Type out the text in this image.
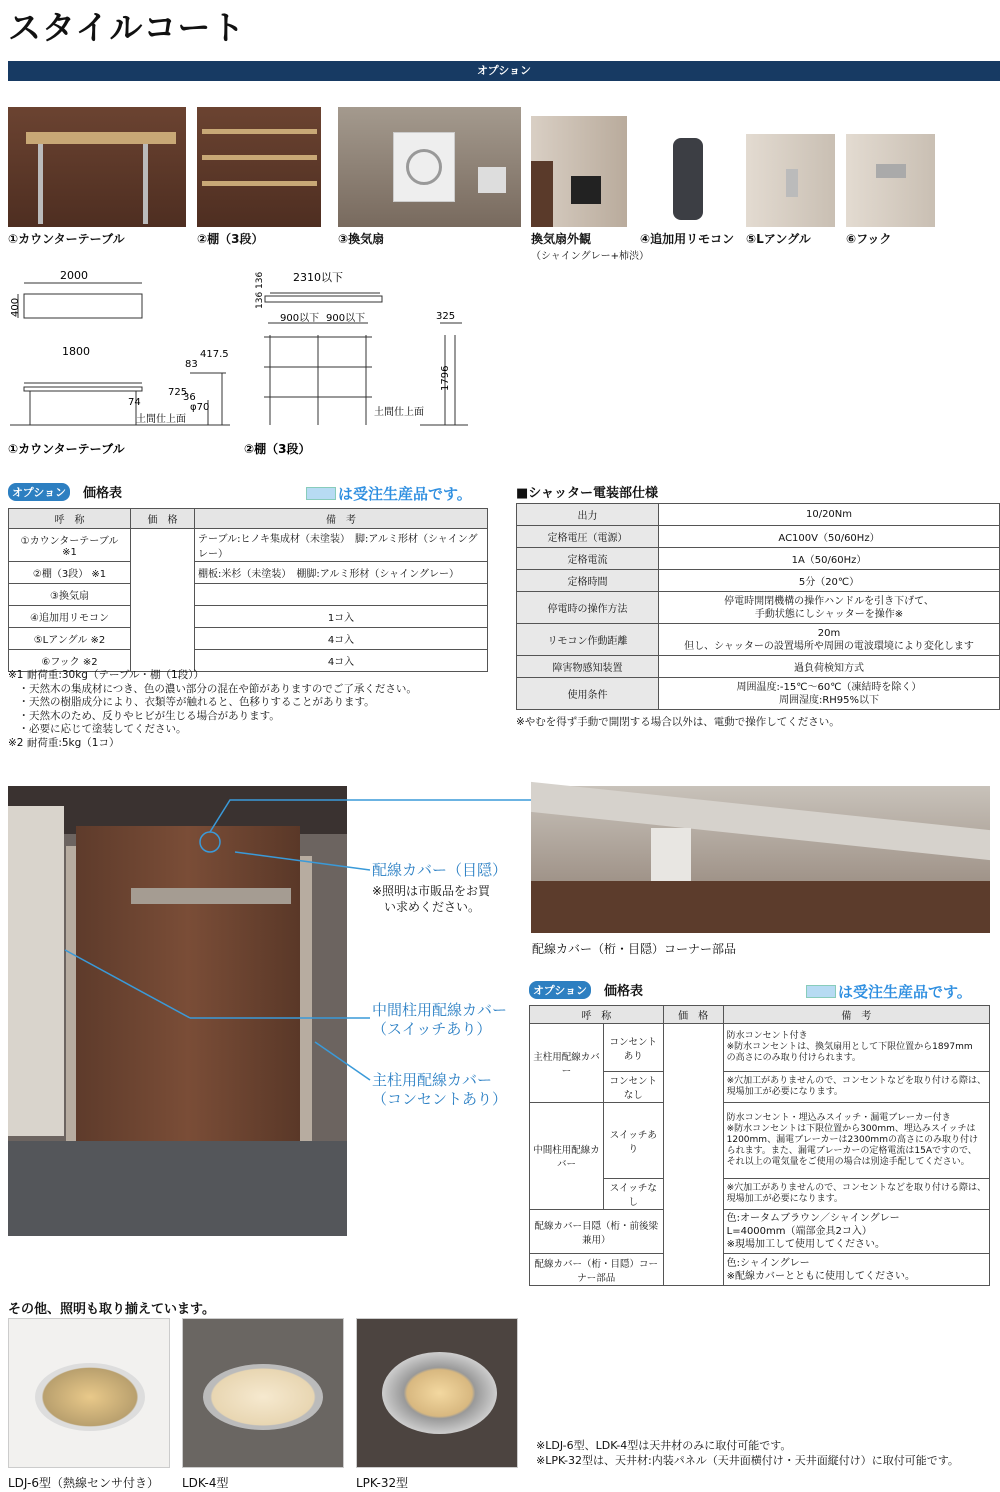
スタイルコート
オプション
①カウンターテーブル	②棚（3段）	③換気扇	換気扇外観
（シャイングレー+柿渋）
④追加用リモコン ⑤Lアングル	⑥フック
2000
400
1800
83
417.5
74
725
36
φ70
土間仕上面
①カウンターテーブル
2310以下
136 136
900以下 900以下	325
1796
土間仕上面
②棚（3段）
オプション	価格表	は受注生産品です。
呼　称	価　格	備　考
①カウンターテーブル ※1		テーブル:ヒノキ集成材（未塗装）　脚:アルミ形材（シャイングレー）
②棚（3段） ※1		棚板:米杉（未塗装）　棚脚:アルミ形材（シャイングレー）
③換気扇		
④追加用リモコン		1コ入
⑤Lアングル ※2		4コ入
⑥フック ※2		4コ入
※1 耐荷重:30kg（テーブル・棚（1段））
　・天然木の集成材につき、色の濃い部分の混在や節がありますのでご了承ください。
　・天然の樹脂成分により、衣類等が触れると、色移りすることがあります。
　・天然木のため、反りやヒビが生じる場合があります。
　・必要に応じて塗装してください。
※2 耐荷重:5kg（1コ）
■シャッター電装部仕様
出力	10/20Nm
定格電圧（電源）	AC100V（50/60Hz）
定格電流	1A（50/60Hz）
定格時間	5分（20℃）
停電時の操作方法	停電時開閉機構の操作ハンドルを引き下げて、
手動状態にしシャッターを操作※
リモコン作動距離	20m
但し、シャッターの設置場所や周囲の電波環境により変化します
障害物感知装置	過負荷検知方式
使用条件	周囲温度:-15℃〜60℃（凍結時を除く）
周囲湿度:RH95%以下
※やむを得ず手動で開閉する場合以外は、電動で操作してください。
配線カバー（目隠）
※照明は市販品をお買
　い求めください。
中間柱用配線カバー
（スイッチあり）
主柱用配線カバー
（コンセントあり）
配線カバー（桁・目隠）コーナー部品
オプション	価格表	は受注生産品です。
呼　称		価　格	備　考
主柱用配線カバー	コンセントあり		防水コンセント付き
※防水コンセントは、換気扇用として下限位置から1897mm
の高さにのみ取り付けられます。
	コンセントなし		※穴加工がありませんので、コンセントなどを取り付ける際は、
現場加工が必要になります。
中間柱用配線カバー	スイッチあり		防水コンセント・埋込みスイッチ・漏電ブレーカー付き
※防水コンセントは下限位置から300mm、埋込みスイッチは
1200mm、漏電ブレーカーは2300mmの高さにのみ取り付け
られます。また、漏電ブレーカーの定格電流は15Aですので、
それ以上の電気量をご使用の場合は別途手配してください。
	スイッチなし		※穴加工がありませんので、コンセントなどを取り付ける際は、
現場加工が必要になります。
配線カバー目隠（桁・前後梁兼用）			色:オータムブラウン／シャイングレー
L=4000mm（端部金具2コ入）
※現場加工して使用してください。
配線カバー（桁・目隠）コーナー部品			色:シャイングレー
※配線カバーとともに使用してください。
その他、照明も取り揃えています。
LDJ-6型（熱線センサ付き） LDK-4型	LPK-32型
※LDJ-6型、LDK-4型は天井材のみに取付可能です。
※LPK-32型は、天井材:内装パネル（天井面横付け・天井面縦付け）に取付可能です。
